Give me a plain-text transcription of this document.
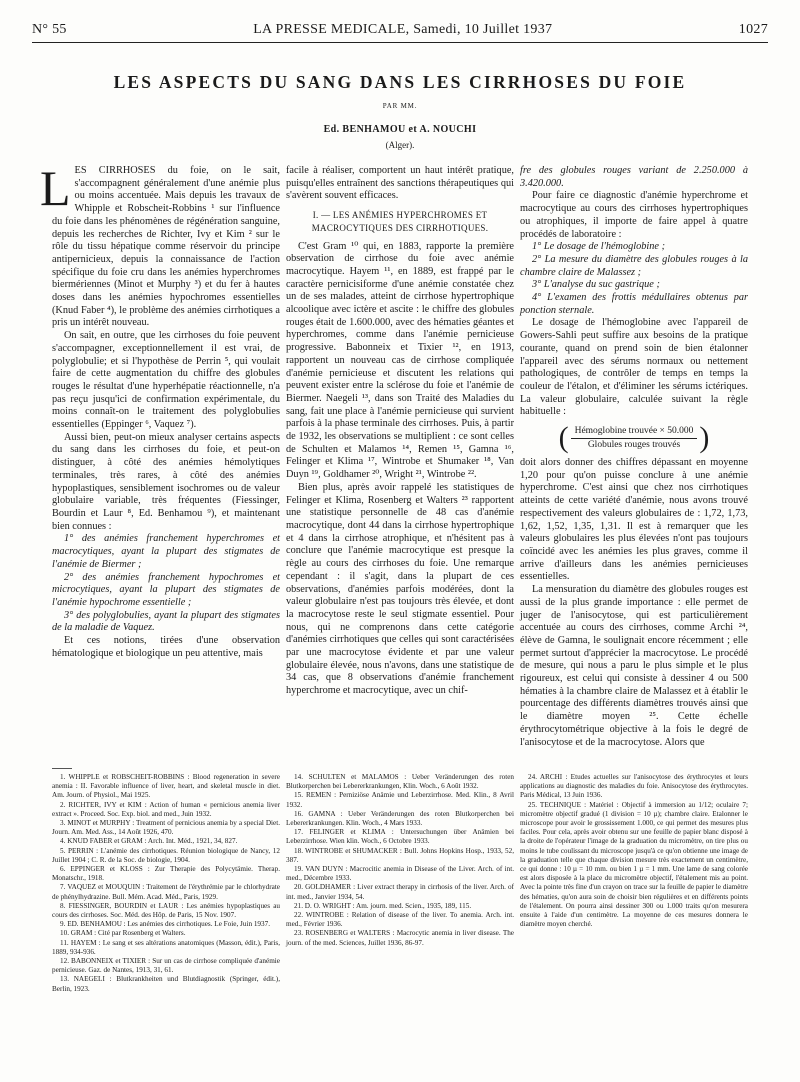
N° 55	LA PRESSE MEDICALE, Samedi, 10 Juillet 1937	1027
LES ASPECTS DU SANG DANS LES CIRRHOSES DU FOIE
PAR MM.
Ed. BENHAMOU et A. NOUCHI
(Alger).

LES CIRRHOSES du foie, on le sait, s'accompagnent généralement d'une anémie plus ou moins accentuée. Mais depuis les travaux de Whipple et Robscheit-Robbins ¹ sur l'influence du foie dans les phénomènes de régénération sanguine, depuis les recherches de Richter, Ivy et Kim ² sur le rôle du tissu hépatique comme réservoir du principe antipernicieux, depuis la connaissance de l'action spécifique du foie cru dans les anémies hyperchromes biermériennes (Minot et Murphy ³) et du fer à hautes doses dans les anémies hypochromes essentielles (Knud Faber ⁴), le problème des anémies cirrhotiques a pris un intérêt nouveau.

On sait, en outre, que les cirrhoses du foie peuvent s'accompagner, exceptionnellement il est vrai, de polyglobulie; et si l'hypothèse de Perrin ⁵, qui voulait faire de cette augmentation du chiffre des globules rouges le résultat d'une hyperhépatie réactionnelle, n'a pas reçu jusqu'ici de confirmation expérimentale, du moins connaît-on le traitement des polyglobulies essentielles (Eppinger ⁶, Vaquez ⁷).

Aussi bien, peut-on mieux analyser certains aspects du sang dans les cirrhoses du foie, et peut-on distinguer, à côté des anémies hémolytiques terminales, très rares, à côté des anémies hypoplastiques, sensiblement isochromes ou de valeur globulaire variable, très fréquentes (Fiessinger, Bourdin et Laur ⁸, Ed. Benhamou ⁹), et maintenant bien connues :

1° des anémies franchement hyperchromes et macrocytiques, ayant la plupart des stigmates de l'anémie de Biermer ;

2° des anémies franchement hypochromes et microcytiques, ayant la plupart des stigmates de l'anémie hypochrome essentielle ;

3° des polyglobulies, ayant la plupart des stigmates de la maladie de Vaquez.

Et ces notions, tirées d'une observation hématologique et biologique un peu attentive, mais

facile à réaliser, comportent un haut intérêt pratique, puisqu'elles entraînent des sanctions thérapeutiques qui s'avèrent souvent efficaces.

I. — LES ANÉMIES HYPERCHROMES ET MACROCYTIQUES DES CIRRHOTIQUES.

C'est Gram ¹⁰ qui, en 1883, rapporte la première observation de cirrhose du foie avec anémie macrocytique. Hayem ¹¹, en 1889, est frappé par le caractère pernicisiforme d'une anémie constatée chez un de ses malades, atteint de cirrhose hypertrophique alcoolique avec ictère et ascite : le chiffre des globules rouges était de 1.600.000, avec des hématies géantes et hyperchromes, comme dans l'anémie pernicieuse progressive. Babonneix et Tixier ¹², en 1913, rapportent un nouveau cas de cirrhose compliquée d'anémie pernicieuse et discutent les relations qui peuvent exister entre la sclérose du foie et l'anémie de Biermer. Naegeli ¹³, dans son Traité des Maladies du sang, fait une place à l'anémie pernicieuse qui survient parfois à la phase terminale des cirrhoses. Puis, à partir de 1932, les observations se multiplient : ce sont celles de Schulten et Malamos ¹⁴, Remen ¹⁵, Gamna ¹⁶, Felinger et Klima ¹⁷, Wintrobe et Shumaker ¹⁸, Van Duyn ¹⁹, Goldhamer ²⁰, Wright ²¹, Wintrobe ²².

Bien plus, après avoir rappelé les statistiques de Felinger et Klima, Rosenberg et Walters ²³ rapportent une statistique personnelle de 48 cas d'anémie macrocytique, dont 44 dans la cirrhose hypertrophique et 4 dans la cirrhose atrophique, et n'hésitent pas à conclure que l'anémie macrocytique est presque la règle au cours des cirrhoses du foie. Une remarque cependant : il s'agit, dans la plupart de ces observations, d'anémies parfois modérées, dont la valeur globulaire n'est pas toujours très élevée, et dont la macrocytose reste le seul stigmate essentiel. Pour nous, qui ne comprenons dans cette catégorie d'anémies cirrhotiques que celles qui sont caractérisées par une macrocytose évidente et par une valeur globulaire élevée, nous n'avons, dans une statistique de 34 cas, que 8 observations d'anémie franchement hyperchrome et macrocytique, avec un chif-

fre des globules rouges variant de 2.250.000 à 3.420.000.

Pour faire ce diagnostic d'anémie hyperchrome et macrocytique au cours des cirrhoses hypertrophiques ou atrophiques, il importe de faire appel à quatre procédés de laboratoire :

1° Le dosage de l'hémoglobine ;

2° La mesure du diamètre des globules rouges à la chambre claire de Malassez ;

3° L'analyse du suc gastrique ;

4° L'examen des frottis médullaires obtenus par ponction sternale.

Le dosage de l'hémoglobine avec l'appareil de Gowers-Sahli peut suffire aux besoins de la pratique courante, quand on prend soin de bien étalonner l'appareil avec des sérums normaux ou nettement pathologiques, de contrôler de temps en temps la couleur de l'étalon, et d'éliminer les sérums ictériques. La valeur globulaire, calculée suivant la règle habituelle :

( $\frac{\text{Hémoglobine trouvée × 50.000}}{\text{Globules rouges trouvés}}$ )

doit alors donner des chiffres dépassant en moyenne 1,20 pour qu'on puisse conclure à une anémie hyperchrome. C'est ainsi que chez nos cirrhotiques atteints de cette variété d'anémie, nous avons trouvé respectivement des valeurs globulaires de : 1,72, 1,73, 1,62, 1,52, 1,35, 1,31. Il est à remarquer que les valeurs globulaires les plus élevées n'ont pas toujours coïncidé avec les anémies les plus graves, comme il arrive d'ailleurs dans les anémies pernicieuses essentielles.

La mensuration du diamètre des globules rouges est aussi de la plus grande importance : elle permet de juger de l'anisocytose, qui est particulièrement accentuée au cours des cirrhoses, comme Archi ²⁴, élève de Gamna, le soulignait encore récemment ; elle permet surtout d'apprécier la macrocytose. Le procédé de mesure, qui nous a paru le plus simple et le plus rigoureux, est celui qui consiste à dessiner 4 ou 500 hématies à la chambre claire de Malassez et à établir le pourcentage des différents diamètres trouvés ainsi que le diamètre moyen ²⁵. Cette échelle érythrocytométrique objective à la fois le degré de l'anisocytose et de la macrocytose. Alors que

1. WHIPPLE et ROBSCHEIT-ROBBINS : Blood regeneration in severe anemia : II. Favorable influence of liver, heart, and skeletal muscle in diet. Am. Journ. of Physiol., Mai 1925.
2. RICHTER, IVY et KIM : Action of human « pernicious anemia liver extract ». Proceed. Soc. Exp. biol. and med., Juin 1932.
3. MINOT et MURPHY : Treatment of pernicious anemia by a special Diet. Journ. Am. Med. Ass., 14 Août 1926, 470.
4. KNUD FABER et GRAM : Arch. Int. Méd., 1921, 34, 827.
5. PERRIN : L'anémie des cirrhotiques. Réunion biologique de Nancy, 12 Juillet 1904 ; C. R. de la Soc. de biologie, 1904.
6. EPPINGER et KLOSS : Zur Therapie des Polycytämie. Therap. Monatschr., 1918.
7. VAQUEZ et MOUQUIN : Traitement de l'érythrémie par le chlorhydrate de phénylhydrazine. Bull. Mém. Acad. Méd., Paris, 1929.
8. FIESSINGER, BOURDIN et LAUR : Les anémies hypoplastiques au cours des cirrhoses. Soc. Méd. des Hôp. de Paris, 15 Nov. 1907.
9. ED. BENHAMOU : Les anémies des cirrhotiques. Le Foie, Juin 1937.
10. GRAM : Cité par Rosenberg et Walters.
11. HAYEM : Le sang et ses altérations anatomiques (Masson, édit.), Paris, 1889, 934-936.
12. BABONNEIX et TIXIER : Sur un cas de cirrhose compliquée d'anémie pernicieuse. Gaz. de Nantes, 1913, 31, 61.
13. NAEGELI : Blutkrankheiten und Blutdiagnostik (Springer, édit.), Berlin, 1923.
14. SCHULTEN et MALAMOS : Ueber Veränderungen des roten Blutkorperchen bei Lebererkrankungen, Klin. Woch., 6 Août 1932.
15. REMEN : Perniziöse Anämie und Leberzirrhose. Med. Klin., 8 Avril 1932.
16. GAMNA : Ueber Veränderungen des roten Blutkorperchen bei Lebererkrankungen. Klin. Woch., 4 Mars 1933.
17. FELINGER et KLIMA : Untersuchungen über Anämien bei Leberzirrhose. Wien klin. Woch., 6 Octobre 1933.
18. WINTROBE et SHUMACKER : Bull. Johns Hopkins Hosp., 1933, 52, 387.
19. VAN DUYN : Macrocitic anemia in Disease of the Liver. Arch. of int. med., Décembre 1933.
20. GOLDHAMER : Liver extract therapy in cirrhosis of the liver. Arch. of int. med., Janvier 1934, 54.
21. D. O. WRIGHT : Am. journ. med. Scien., 1935, 189, 115.
22. WINTROBE : Relation of disease of the liver. To anemia. Arch. int. med., Février 1936.
23. ROSENBERG et WALTERS : Macrocytic anemia in liver disease. The journ. of the med. Sciences, Juillet 1936, 86-97.
24. ARCHI : Etudes actuelles sur l'anisocytose des érythrocytes et leurs applications au diagnostic des maladies du foie. Anisocytose des érythrocytes. Paris Médical, 13 Juin 1936.
25. TECHNIQUE : Matériel : Objectif à immersion au 1/12; oculaire 7; micromètre objectif gradué (1 division = 10 µ); chambre claire. Etalonner le microscope pour avoir le grossissement 1.000, ce qui permet des mesures plus faciles. Pour cela, après avoir obtenu sur une feuille de papier blanc disposé à la droite de l'opérateur l'image de la graduation du micromètre, on tire plus ou moins le tube coulissant du microscope jusqu'à ce qu'on obtienne une image de la graduation telle que chaque division mesure très exactement un centimètre, ce qui donne : 10 µ = 10 mm. ou bien 1 µ = 1 mm. Une lame de sang colorée est alors disposée à la place du micromètre objectif, l'étalement mis au point. Avec la pointe très fine d'un crayon on trace sur la feuille de papier le diamètre des hématies, qu'on aura soin de choisir bien régulières et en différents points de l'étalement. On pourra ainsi dessiner 300 ou 1.000 traits qu'on mesurera ensuite à l'aide d'un centimètre. La moyenne de ces mesures donnera le diamètre moyen cherché.
